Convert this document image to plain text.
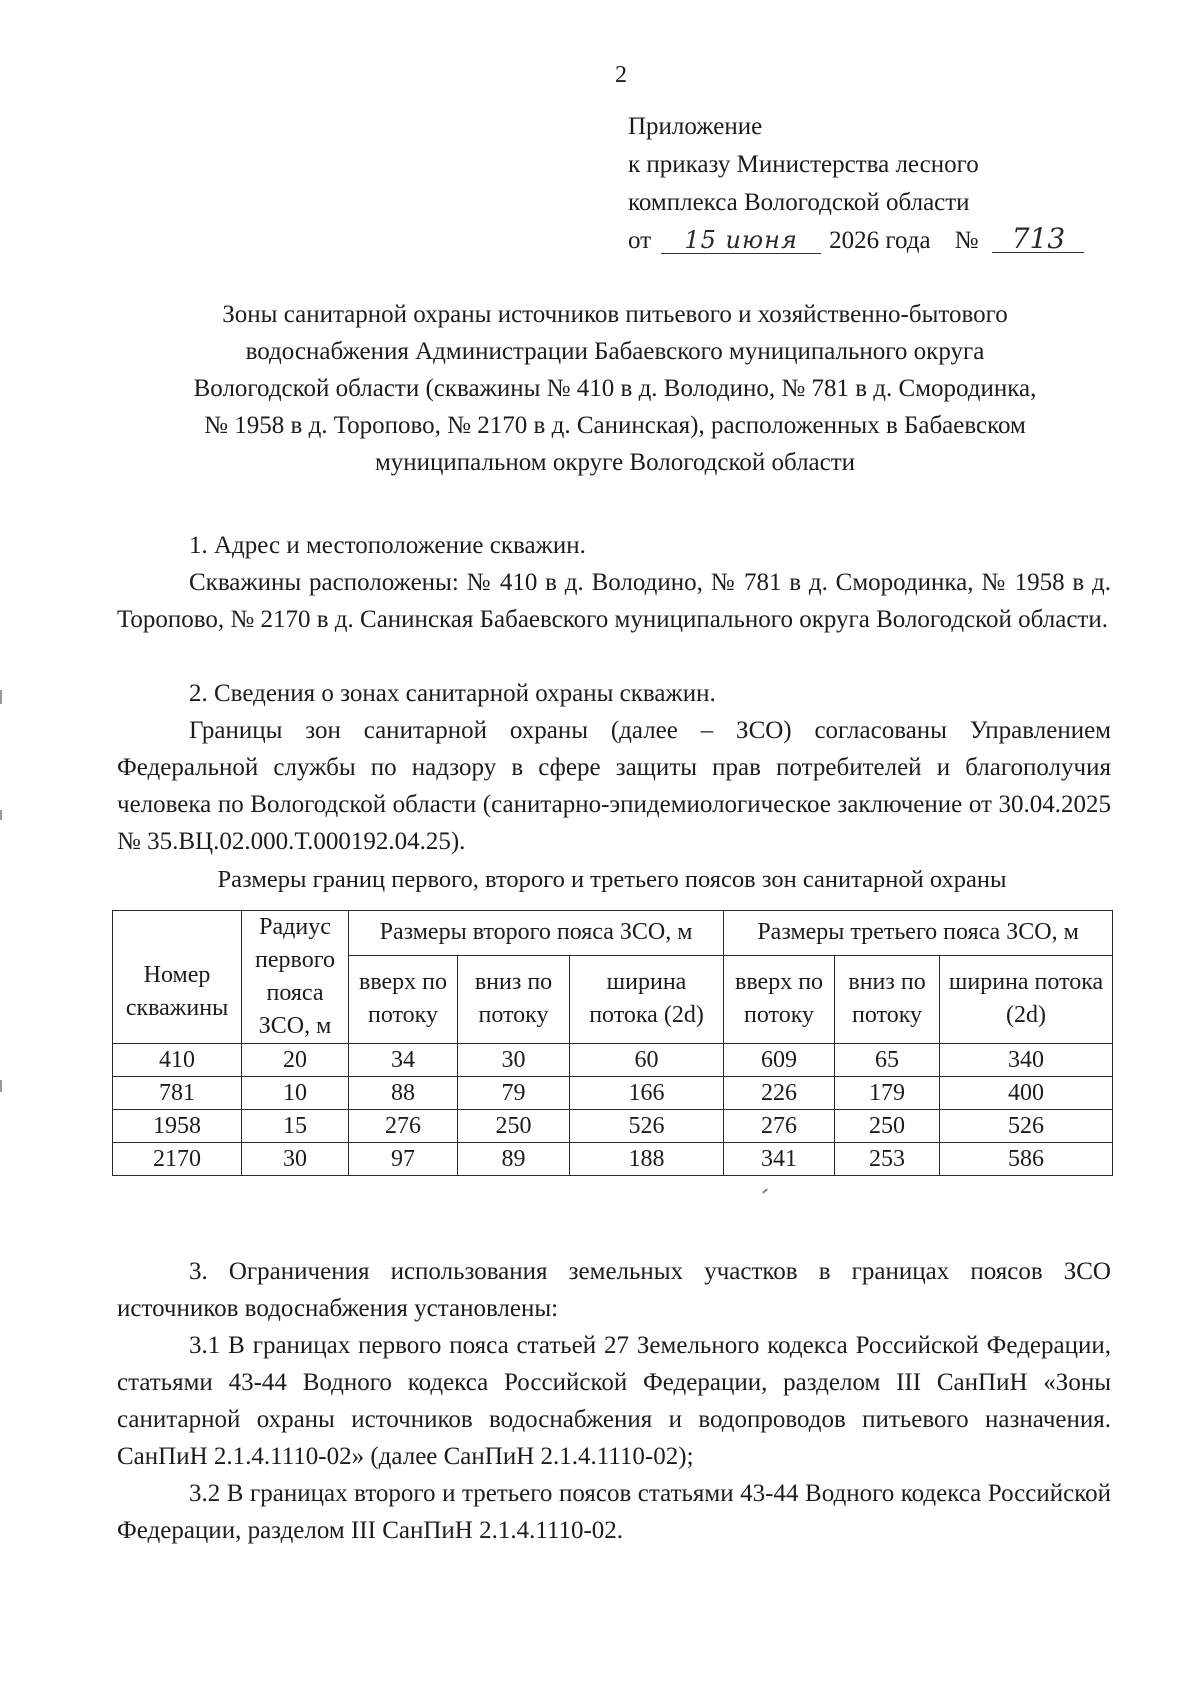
2
Приложение
к приказу Министерства лесного
комплекса Вологодской области
от	15 июня	2026 года №	713
Зоны санитарной охраны источников питьевого и хозяйственно-бытового
водоснабжения Администрации Бабаевского муниципального округа
Вологодской области (скважины № 410 в д. Володино, № 781 в д. Смородинка,
№ 1958 в д. Торопово, № 2170 в д. Санинская), расположенных в Бабаевском
муниципальном округе Вологодской области
1. Адрес и местоположение скважин.
Скважины расположены: № 410 в д. Володино, № 781 в д. Смородинка, № 1958 в д. Торопово, № 2170 в д. Санинская Бабаевского муниципального округа Вологодской области.
2. Сведения о зонах санитарной охраны скважин.
Границы зон санитарной охраны (далее – ЗСО) согласованы Управлением Федеральной службы по надзору в сфере защиты прав потребителей и благополучия человека по Вологодской области (санитарно-эпидемиологическое заключение от 30.04.2025 № 35.ВЦ.02.000.Т.000192.04.25).
Размеры границ первого, второго и третьего поясов зон санитарной охраны
Номер скважины	Радиус первого пояса ЗСО, м	Размеры второго пояса ЗСО, м			Размеры третьего пояса ЗСО, м		
		вверх по потоку	вниз по потоку	ширина потока (2d)	вверх по потоку	вниз по потоку	ширина потока (2d)
410	20	34	30	60	609	65	340
781	10	88	79	166	226	179	400
1958	15	276	250	526	276	250	526
2170	30	97	89	188	341	253	586
3. Ограничения использования земельных участков в границах поясов ЗСО источников водоснабжения установлены:
3.1 В границах первого пояса статьей 27 Земельного кодекса Российской Федерации, статьями 43-44 Водного кодекса Российской Федерации, разделом III СанПиН «Зоны санитарной охраны источников водоснабжения и водопроводов питьевого назначения. СанПиН 2.1.4.1110-02» (далее СанПиН 2.1.4.1110-02);
3.2 В границах второго и третьего поясов статьями 43-44 Водного кодекса Российской Федерации, разделом III СанПиН 2.1.4.1110-02.
